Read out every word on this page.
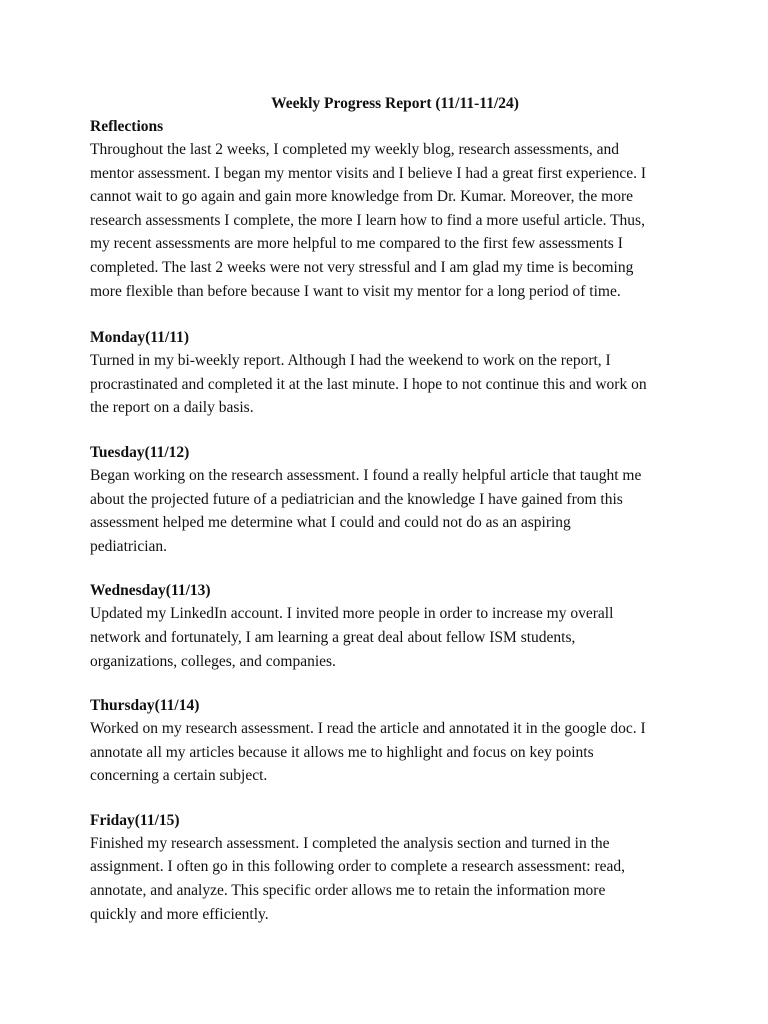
Weekly Progress Report (11/11-11/24)
Reflections
Throughout the last 2 weeks, I completed my weekly blog, research assessments, and
mentor assessment. I began my mentor visits and I believe I had a great first experience. I
cannot wait to go again and gain more knowledge from Dr. Kumar. Moreover, the more
research assessments I complete, the more I learn how to find a more useful article. Thus,
my recent assessments are more helpful to me compared to the first few assessments I
completed. The last 2 weeks were not very stressful and I am glad my time is becoming
more flexible than before because I want to visit my mentor for a long period of time.
Monday(11/11)
Turned in my bi-weekly report. Although I had the weekend to work on the report, I
procrastinated and completed it at the last minute. I hope to not continue this and work on
the report on a daily basis.
Tuesday(11/12)
Began working on the research assessment. I found a really helpful article that taught me
about the projected future of a pediatrician and the knowledge I have gained from this
assessment helped me determine what I could and could not do as an aspiring
pediatrician.
Wednesday(11/13)
Updated my LinkedIn account. I invited more people in order to increase my overall
network and fortunately, I am learning a great deal about fellow ISM students,
organizations, colleges, and companies.
Thursday(11/14)
Worked on my research assessment. I read the article and annotated it in the google doc. I
annotate all my articles because it allows me to highlight and focus on key points
concerning a certain subject.
Friday(11/15)
Finished my research assessment. I completed the analysis section and turned in the
assignment. I often go in this following order to complete a research assessment: read,
annotate, and analyze. This specific order allows me to retain the information more
quickly and more efficiently.
